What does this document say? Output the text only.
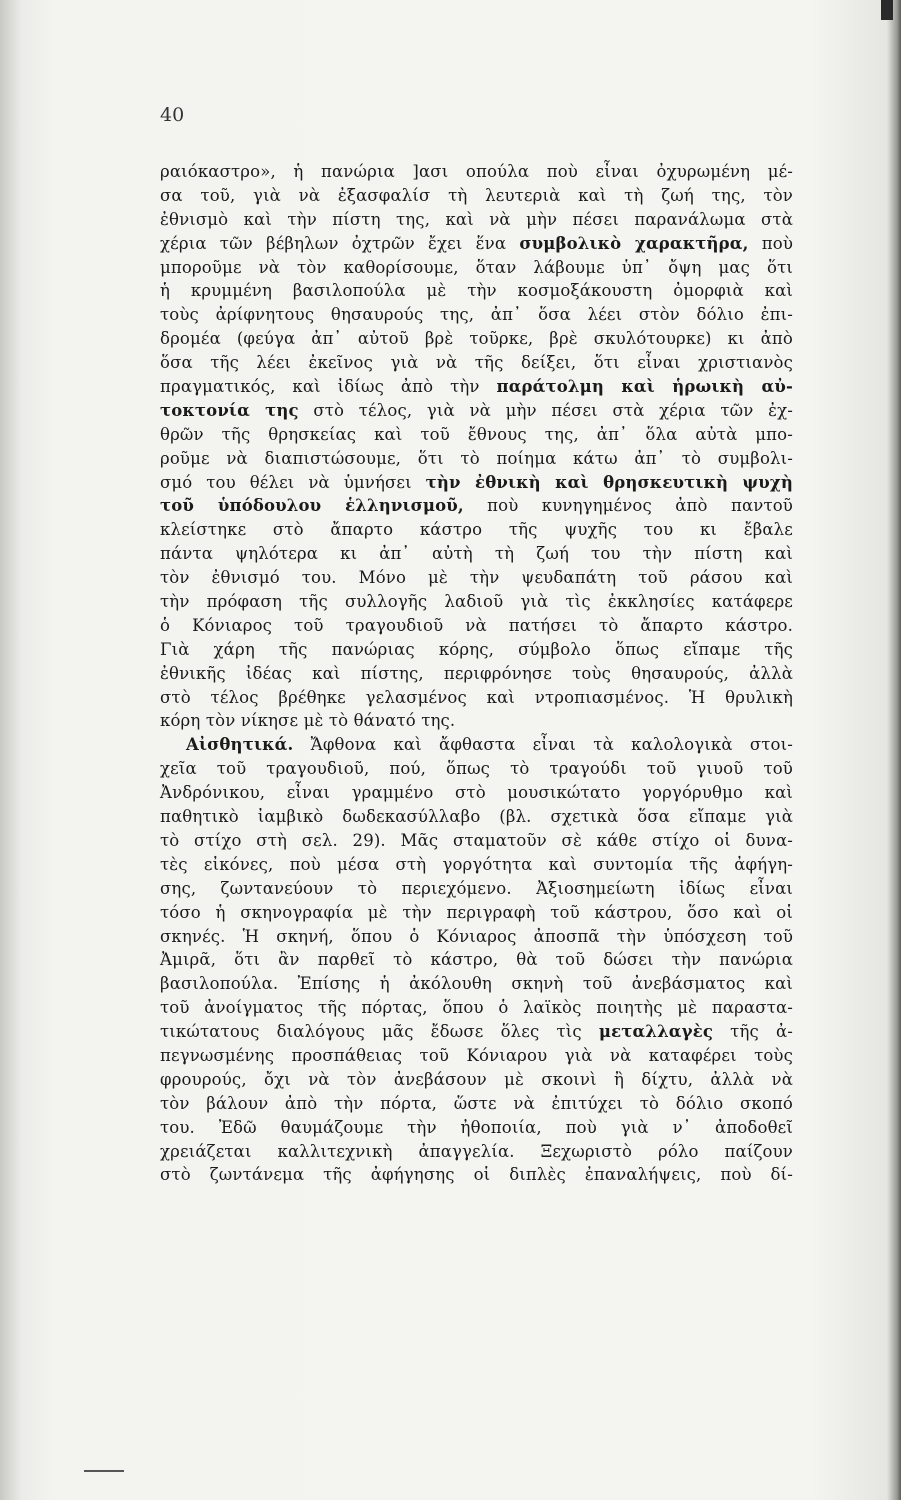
40
ραιόκαστρο», ἡ πανώρια ]ασι οπούλα ποὺ εἶναι ὀχυρωμένη μέ-
σα τοῦ, γιὰ νὰ ἐξασφαλίσ τὴ λευτεριὰ καὶ τὴ ζωή της, τὸν
ἐθνισμὸ καὶ τὴν πίστη της, καὶ νὰ μὴν πέσει παρανάλωμα στὰ
χέρια τῶν βέβηλων ὀχτρῶν ἔχει ἕνα συμβολικὸ χαρακτῆρα, ποὺ
μποροῦμε νὰ τὸν καθορίσουμε, ὅταν λάβουμε ὑπ᾽ ὄψη μας ὅτι
ἡ κρυμμένη βασιλοπούλα μὲ τὴν κοσμοξάκουστη ὀμορφιὰ καὶ
τοὺς ἀρίφνητους θησαυρούς της, ἀπ᾽ ὅσα λέει στὸν δόλιο ἐπι-
δρομέα (φεύγα ἀπ᾽ αὐτοῦ βρὲ τοῦρκε, βρὲ σκυλότουρκε) κι ἀπὸ
ὅσα τῆς λέει ἐκεῖνος γιὰ νὰ τῆς δείξει, ὅτι εἶναι χριστιανὸς
πραγματικός, καὶ ἰδίως ἀπὸ τὴν παράτολμη καὶ ἡρωικὴ αὐ-
τοκτονία της στὸ τέλος, γιὰ νὰ μὴν πέσει στὰ χέρια τῶν ἐχ-
θρῶν τῆς θρησκείας καὶ τοῦ ἔθνους της, ἀπ᾽ ὅλα αὐτὰ μπο-
ροῦμε νὰ διαπιστώσουμε, ὅτι τὸ ποίημα κάτω ἀπ᾽ τὸ συμβολι-
σμό του θέλει νὰ ὑμνήσει τὴν ἐθνικὴ καὶ θρησκευτικὴ ψυχὴ
τοῦ ὑπόδουλου ἑλληνισμοῦ, ποὺ κυνηγημένος ἀπὸ παντοῦ
κλείστηκε στὸ ἄπαρτο κάστρο τῆς ψυχῆς του κι ἔβαλε
πάντα ψηλότερα κι ἀπ᾽ αὐτὴ τὴ ζωή του τὴν πίστη καὶ
τὸν ἐθνισμό του. Μόνο μὲ τὴν ψευδαπάτη τοῦ ράσου καὶ
τὴν πρόφαση τῆς συλλογῆς λαδιοῦ γιὰ τὶς ἐκκλησίες κατάφερε
ὁ Κόνιαρος τοῦ τραγουδιοῦ νὰ πατήσει τὸ ἄπαρτο κάστρο.
Γιὰ χάρη τῆς πανώριας κόρης, σύμβολο ὅπως εἴπαμε τῆς
ἐθνικῆς ἰδέας καὶ πίστης, περιφρόνησε τοὺς θησαυρούς, ἀλλὰ
στὸ τέλος βρέθηκε γελασμένος καὶ ντροπιασμένος. Ἡ θρυλικὴ
κόρη τὸν νίκησε μὲ τὸ θάνατό της.
Αἰσθητικά. Ἄφθονα καὶ ἄφθαστα εἶναι τὰ καλολογικὰ στοι-
χεῖα τοῦ τραγουδιοῦ, πού, ὅπως τὸ τραγούδι τοῦ γιυοῦ τοῦ
Ἀνδρόνικου, εἶναι γραμμένο στὸ μουσικώτατο γοργόρυθμο καὶ
παθητικὸ ἰαμβικὸ δωδεκασύλλαβο (βλ. σχετικὰ ὅσα εἴπαμε γιὰ
τὸ στίχο στὴ σελ. 29). Μᾶς σταματοῦν σὲ κάθε στίχο οἱ δυνα-
τὲς εἰκόνες, ποὺ μέσα στὴ γοργότητα καὶ συντομία τῆς ἀφήγη-
σης, ζωντανεύουν τὸ περιεχόμενο. Ἀξιοσημείωτη ἰδίως εἶναι
τόσο ἡ σκηνογραφία μὲ τὴν περιγραφὴ τοῦ κάστρου, ὅσο καὶ οἱ
σκηνές. Ἡ σκηνή, ὅπου ὁ Κόνιαρος ἀποσπᾶ τὴν ὑπόσχεση τοῦ
Ἀμιρᾶ, ὅτι ἂν παρθεῖ τὸ κάστρο, θὰ τοῦ δώσει τὴν πανώρια
βασιλοπούλα. Ἐπίσης ἡ ἀκόλουθη σκηνὴ τοῦ ἀνεβάσματος καὶ
τοῦ ἀνοίγματος τῆς πόρτας, ὅπου ὁ λαϊκὸς ποιητὴς μὲ παραστα-
τικώτατους διαλόγους μᾶς ἔδωσε ὅλες τὶς μεταλλαγὲς τῆς ἀ-
πεγνωσμένης προσπάθειας τοῦ Κόνιαρου γιὰ νὰ καταφέρει τοὺς
φρουρούς, ὄχι νὰ τὸν ἀνεβάσουν μὲ σκοινὶ ἢ δίχτυ, ἀλλὰ νὰ
τὸν βάλουν ἀπὸ τὴν πόρτα, ὥστε νὰ ἐπιτύχει τὸ δόλιο σκοπό
του. Ἐδῶ θαυμάζουμε τὴν ἠθοποιία, ποὺ γιὰ ν᾽ ἀποδοθεῖ
χρειάζεται καλλιτεχνικὴ ἀπαγγελία. Ξεχωριστὸ ρόλο παίζουν
στὸ ζωντάνεμα τῆς ἀφήγησης οἱ διπλὲς ἐπαναλήψεις, ποὺ δί-
